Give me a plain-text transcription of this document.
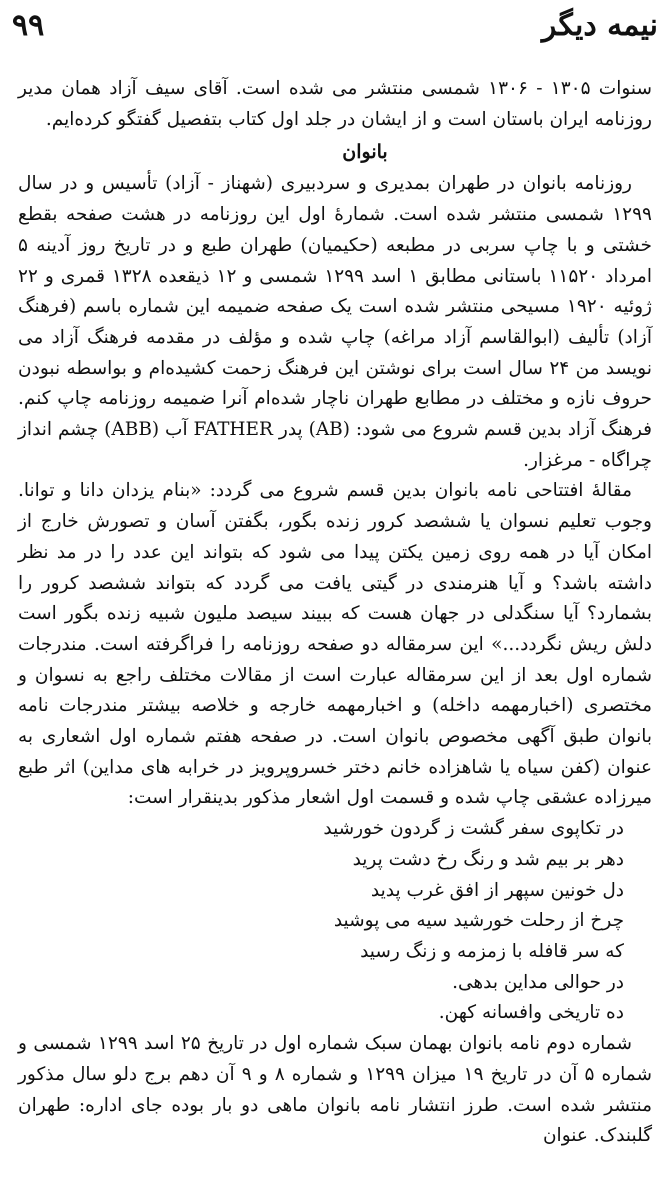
نیمه دیگر
۹۹

سنوات ۱۳۰۵ - ۱۳۰۶ شمسی منتشر می شده است. آقای سیف آزاد همان مدیر روزنامه ایران باستان است و از ایشان در جلد اول کتاب بتفصیل گفتگو کرده‌ایم.

بانوان

روزنامه بانوان در طهران بمدیری و سردبیری (شهناز - آزاد) تأسیس و در سال ۱۲۹۹ شمسی منتشر شده است. شمارهٔ اول این روزنامه در هشت صفحه بقطع خشتی و با چاپ سربی در مطبعه (حکیمیان) طهران طبع و در تاریخ روز آدینه ۵ امرداد ۱۱۵۲۰ باستانی مطابق ۱ اسد ۱۲۹۹ شمسی و ۱۲ ذیقعده ۱۳۲۸ قمری و ۲۲ ژوئیه ۱۹۲۰ مسیحی منتشر شده است یک صفحه ضمیمه این شماره باسم (فرهنگ آزاد) تألیف (ابوالقاسم آزاد مراغه) چاپ شده و مؤلف در مقدمه فرهنگ آزاد می نویسد من ۲۴ سال است برای نوشتن این فرهنگ زحمت کشیده‌ام و بواسطه نبودن حروف نازه و مختلف در مطابع طهران ناچار شده‌ام آنرا ضمیمه روزنامه چاپ کنم. فرهنگ آزاد بدین قسم شروع می شود: (AB) پدر FATHER آب (ABB) چشم انداز چراگاه - مرغزار.

مقالهٔ افتتاحی نامه بانوان بدین قسم شروع می گردد: «بنام یزدان دانا و توانا. وجوب تعلیم نسوان یا ششصد کرور زنده بگور، بگفتن آسان و تصورش خارج از امکان آیا در همه روی زمین یکتن پیدا می شود که بتواند این عدد را در مد نظر داشته باشد؟ و آیا هنرمندی در گیتی یافت می گردد که بتواند ششصد کرور را بشمارد؟ آیا سنگدلی در جهان هست که ببیند سیصد ملیون شبیه زنده بگور است دلش ریش نگردد...» این سرمقاله دو صفحه روزنامه را فراگرفته است. مندرجات شماره اول بعد از این سرمقاله عبارت است از مقالات مختلف راجع به نسوان و مختصری (اخبارمهمه داخله) و اخبارمهمه خارجه و خلاصه بیشتر مندرجات نامه بانوان طبق آگهی مخصوص بانوان است. در صفحه هفتم شماره اول اشعاری به عنوان (کفن سیاه یا شاهزاده خانم دختر خسروپرویز در خرابه های مداین) اثر طبع میرزاده عشقی چاپ شده و قسمت اول اشعار مذکور بدینقرار است:

در تکاپوی سفر گشت ز گردون خورشید

دهر بر بیم شد و رنگ رخ دشت پرید

دل خونین سپهر از افق غرب پدید

چرخ از رحلت خورشید سیه می پوشید

که سر قافله با زمزمه و زنگ رسید

در حوالی مداین بدهی.

ده تاریخی وافسانه کهن.

شماره دوم نامه بانوان بهمان سبک شماره اول در تاریخ ۲۵ اسد ۱۲۹۹ شمسی و شماره ۵ آن در تاریخ ۱۹ میزان ۱۲۹۹ و شماره ۸ و ۹ آن دهم برج دلو سال مذکور منتشر شده است. طرز انتشار نامه بانوان ماهی دو بار بوده جای اداره: طهران گلبندک. عنوان
